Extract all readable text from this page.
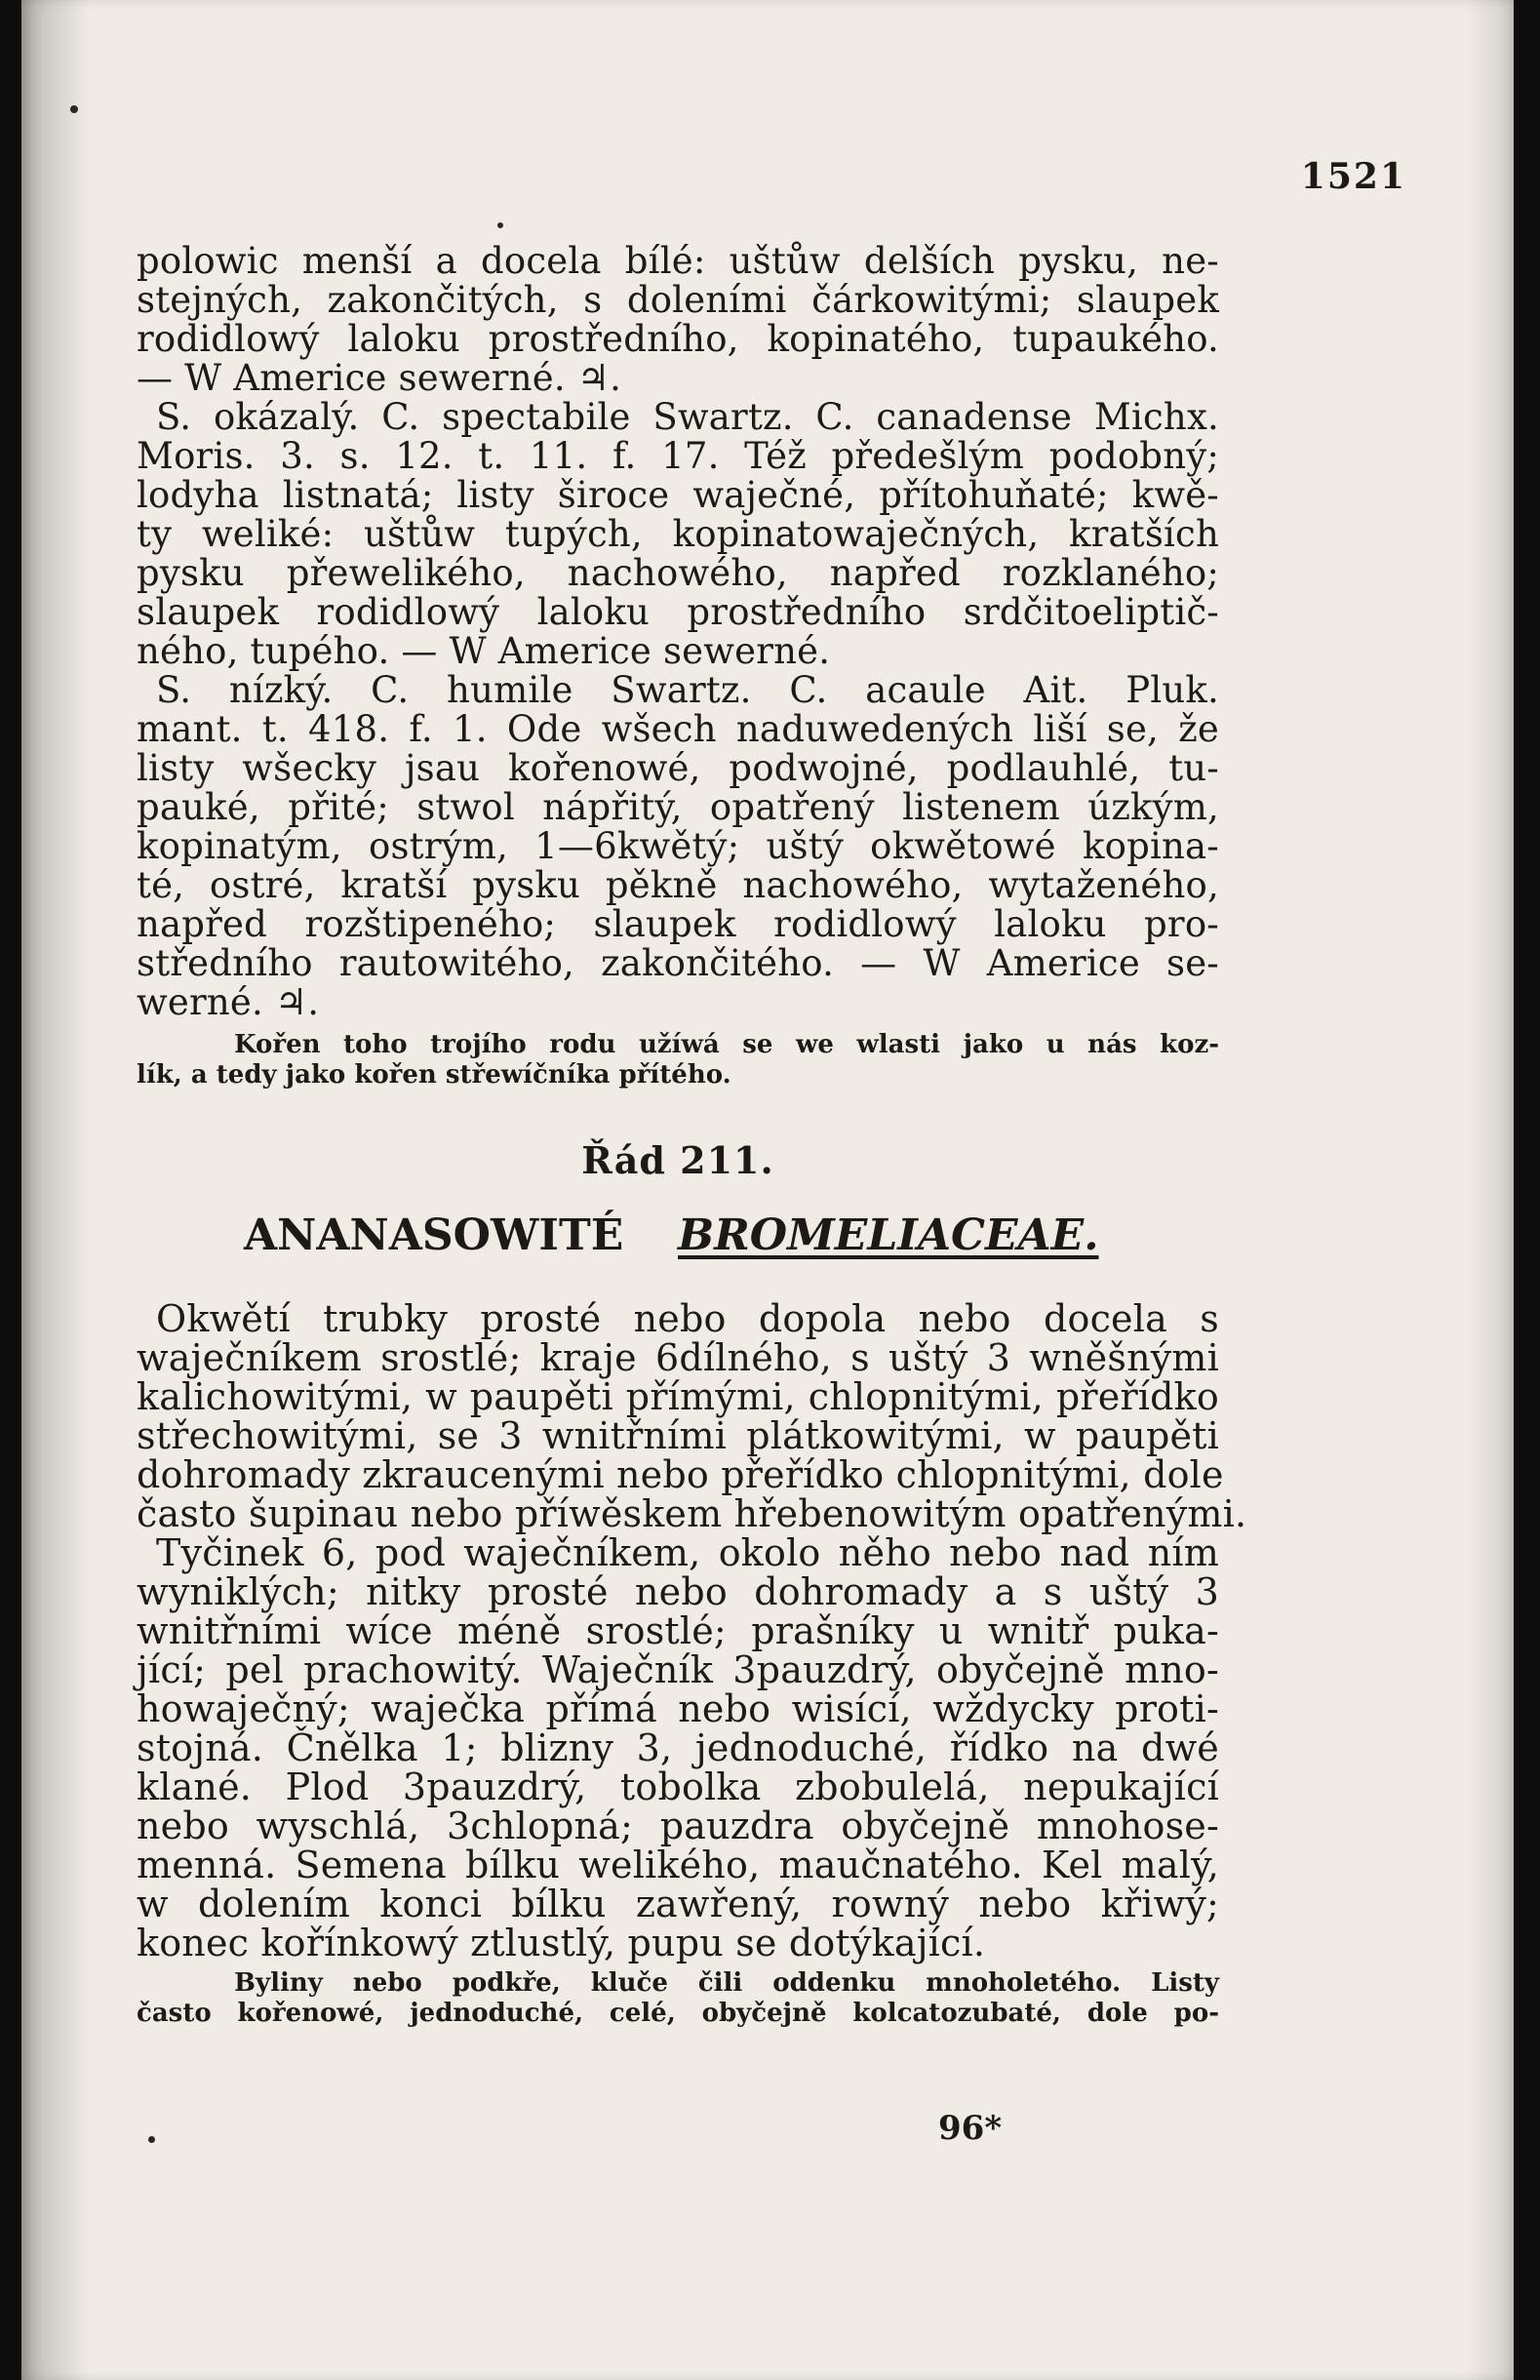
1521
polowic menší a docela bílé: uštůw delších pysku, ne-
stejných, zakončitých, s doleními čárkowitými; slaupek
rodidlowý laloku prostředního, kopinatého, tupaukého.
— W Americe sewerné. ♃.
S. okázalý. C. spectabile Swartz. C. canadense Michx.
Moris. 3. s. 12. t. 11. f. 17. Též předešlým podobný;
lodyha listnatá; listy široce waječné, přítohuňaté; kwě-
ty weliké: uštůw tupých, kopinatowaječných, kratších
pysku přewelikého, nachowého, napřed rozklaného;
slaupek rodidlowý laloku prostředního srdčitoeliptič-
ného, tupého. — W Americe sewerné.
S. nízký. C. humile Swartz. C. acaule Ait. Pluk.
mant. t. 418. f. 1. Ode wšech naduwedených liší se, že
listy wšecky jsau kořenowé, podwojné, podlauhlé, tu-
pauké, přité; stwol nápřitý, opatřený listenem úzkým,
kopinatým, ostrým, 1—6kwětý; uštý okwětowé kopina-
té, ostré, kratší pysku pěkně nachowého, wytaženého,
napřed rozštipeného; slaupek rodidlowý laloku pro-
středního rautowitého, zakončitého. — W Americe se-
werné. ♃.
Kořen toho trojího rodu užíwá se we wlasti jako u nás koz-
lík, a tedy jako kořen střewíčníka přítého.
Řád 211.
ANANASOWITÉ BROMELIACEAE.
Okwětí trubky prosté nebo dopola nebo docela s
waječníkem srostlé; kraje 6dílného, s uštý 3 wněšnými
kalichowitými, w paupěti přímými, chlopnitými, přeřídko
střechowitými, se 3 wnitřními plátkowitými, w paupěti
dohromady zkraucenými nebo přeřídko chlopnitými, dole
často šupinau nebo příwěskem hřebenowitým opatřenými.
Tyčinek 6, pod waječníkem, okolo něho nebo nad ním
wyniklých; nitky prosté nebo dohromady a s uštý 3
wnitřními wíce méně srostlé; prašníky u wnitř puka-
jící; pel prachowitý. Waječník 3pauzdrý, obyčejně mno-
howaječný; waječka přímá nebo wisící, wždycky proti-
stojná. Čnělka 1; blizny 3, jednoduché, řídko na dwé
klané. Plod 3pauzdrý, tobolka zbobulelá, nepukající
nebo wyschlá, 3chlopná; pauzdra obyčejně mnohose-
menná. Semena bílku welikého, maučnatého. Kel malý,
w dolením konci bílku zawřený, rowný nebo křiwý;
konec kořínkowý ztlustlý, pupu se dotýkající.
Byliny nebo podkře, kluče čili oddenku mnoholetého. Listy
často kořenowé, jednoduché, celé, obyčejně kolcatozubaté, dole po-
96*
